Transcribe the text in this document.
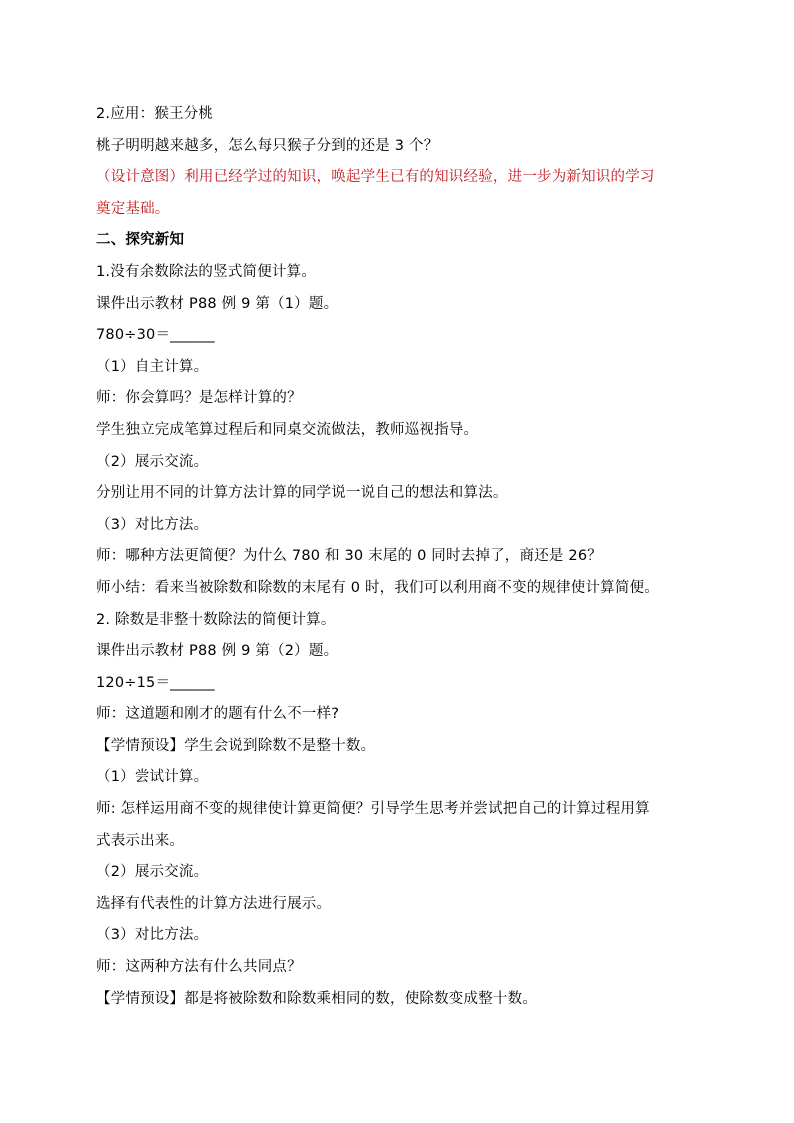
2.应用：猴王分桃
桃子明明越来越多，怎么每只猴子分到的还是 3 个？
（设计意图）利用已经学过的知识，唤起学生已有的知识经验，进一步为新知识的学习
奠定基础。
二、探究新知
1.没有余数除法的竖式简便计算。
课件出示教材 P88 例 9 第（1）题。
780÷30＝______
（1）自主计算。
师：你会算吗？是怎样计算的？
学生独立完成笔算过程后和同桌交流做法，教师巡视指导。
（2）展示交流。
分别让用不同的计算方法计算的同学说一说自己的想法和算法。
（3）对比方法。
师：哪种方法更简便？为什么 780 和 30 末尾的 0 同时去掉了，商还是 26？
师小结：看来当被除数和除数的末尾有 0 时，我们可以利用商不变的规律使计算简便。
2. 除数是非整十数除法的简便计算。
课件出示教材 P88 例 9 第（2）题。
120÷15＝______
师：这道题和刚才的题有什么不一样?
【学情预设】学生会说到除数不是整十数。
（1）尝试计算。
师: 怎样运用商不变的规律使计算更简便？引导学生思考并尝试把自己的计算过程用算
式表示出来。
（2）展示交流。
选择有代表性的计算方法进行展示。
（3）对比方法。
师：这两种方法有什么共同点？
【学情预设】都是将被除数和除数乘相同的数，使除数变成整十数。
